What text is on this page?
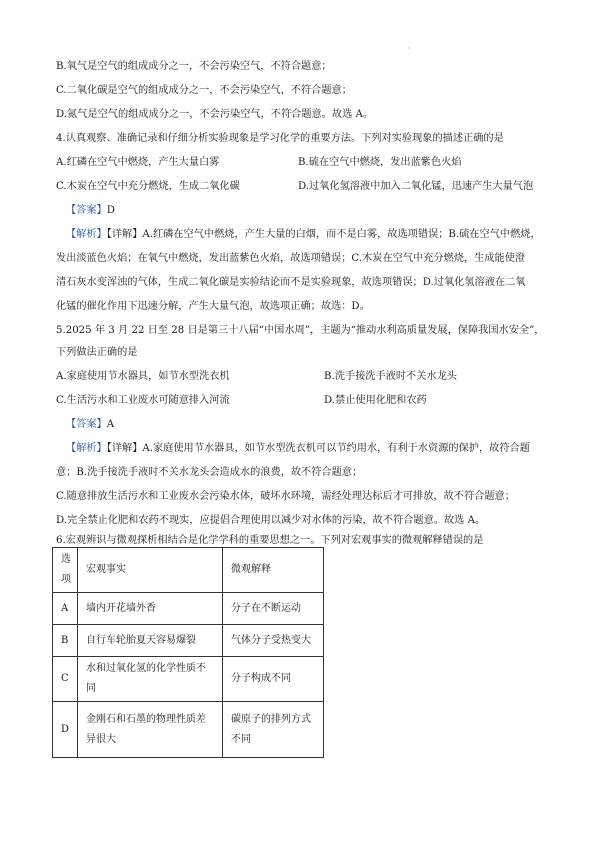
·
B.氧气是空气的组成成分之一，不会污染空气，不符合题意；
C.二氧化碳是空气的组成成分之一，不会污染空气，不符合题意；
D.氮气是空气的组成成分之一，不会污染空气，不符合题意。故选 A。
4.认真观察、准确记录和仔细分析实验现象是学习化学的重要方法。下列对实验现象的描述正确的是
A.红磷在空气中燃烧，产生大量白雾	B.硫在空气中燃烧，发出蓝紫色火焰
C.木炭在空气中充分燃烧，生成二氧化碳	D.过氧化氢溶液中加入二氧化锰，迅速产生大量气泡
【答案】D
【解析】【详解】A.红磷在空气中燃烧，产生大量的白烟，而不是白雾，故选项错误；B.硫在空气中燃烧，
发出淡蓝色火焰；在氧气中燃烧，发出蓝紫色火焰，故选项错误；C.木炭在空气中充分燃烧，生成能使澄
清石灰水变浑浊的气体，生成二氧化碳是实验结论而不是实验现象，故选项错误；D.过氧化氢溶液在二氧
化锰的催化作用下迅速分解，产生大量气泡，故选项正确；故选：D。
5.2025 年 3 月 22 日至 28 日是第三十八届“中国水周”，主题为“推动水利高质量发展，保障我国水安全”，
下列做法正确的是
A.家庭使用节水器具，如节水型洗衣机	B.洗手接洗手液时不关水龙头
C.生活污水和工业废水可随意排入河流	D.禁止使用化肥和农药
【答案】A
【解析】【详解】A.家庭使用节水器具，如节水型洗衣机可以节约用水，有利于水资源的保护，故符合题
意；B.洗手接洗手液时不关水龙头会造成水的浪费，故不符合题意；
C.随意排放生活污水和工业废水会污染水体，破坏水环境，需经处理达标后才可排放，故不符合题意；
D.完全禁止化肥和农药不现实，应提倡合理使用以减少对水体的污染，故不符合题意。故选 A。
6.宏观辨识与微观探析相结合是化学学科的重要思想之一。下列对宏观事实的微观解释错误的是
选项	宏观事实	微观解释
A	墙内开花墙外香	分子在不断运动
B	自行车轮胎夏天容易爆裂	气体分子受热变大
C	水和过氧化氢的化学性质不同	分子构成不同
D	金刚石和石墨的物理性质差异很大	碳原子的排列方式不同
